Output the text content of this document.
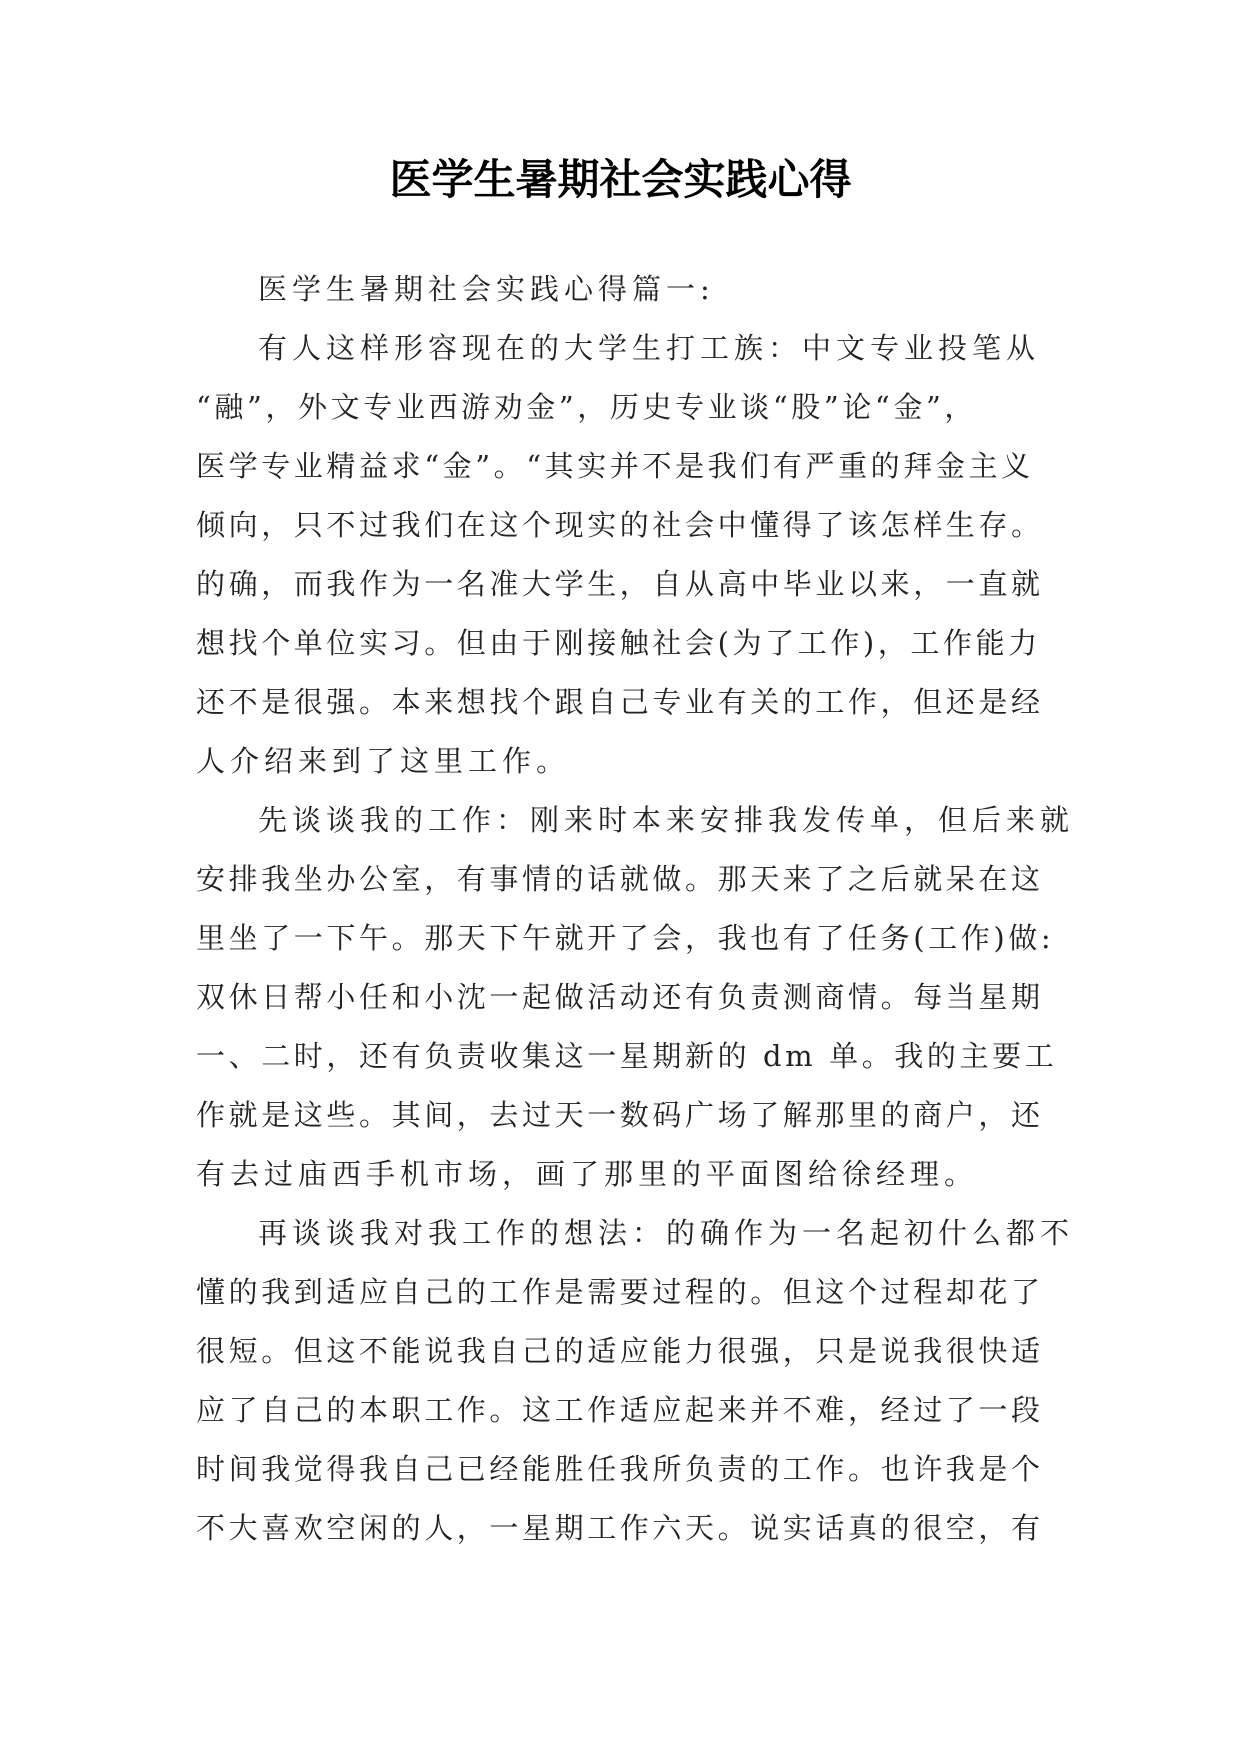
医学生暑期社会实践心得
医学生暑期社会实践心得篇一:
有人这样形容现在的大学生打工族：中文专业投笔从
“融”，外文专业西游劝金”，历史专业谈“股”论“金”，
医学专业精益求“金”。“其实并不是我们有严重的拜金主义
倾向，只不过我们在这个现实的社会中懂得了该怎样生存。
的确，而我作为一名准大学生，自从高中毕业以来，一直就
想找个单位实习。但由于刚接触社会(为了工作)，工作能力
还不是很强。本来想找个跟自己专业有关的工作，但还是经
人介绍来到了这里工作。
先谈谈我的工作：刚来时本来安排我发传单，但后来就
安排我坐办公室，有事情的话就做。那天来了之后就呆在这
里坐了一下午。那天下午就开了会，我也有了任务(工作)做:
双休日帮小任和小沈一起做活动还有负责测商情。每当星期
一、二时，还有负责收集这一星期新的 dm 单。我的主要工
作就是这些。其间，去过天一数码广场了解那里的商户，还
有去过庙西手机市场，画了那里的平面图给徐经理。
再谈谈我对我工作的想法：的确作为一名起初什么都不
懂的我到适应自己的工作是需要过程的。但这个过程却花了
很短。但这不能说我自己的适应能力很强，只是说我很快适
应了自己的本职工作。这工作适应起来并不难，经过了一段
时间我觉得我自己已经能胜任我所负责的工作。也许我是个
不大喜欢空闲的人，一星期工作六天。说实话真的很空，有
